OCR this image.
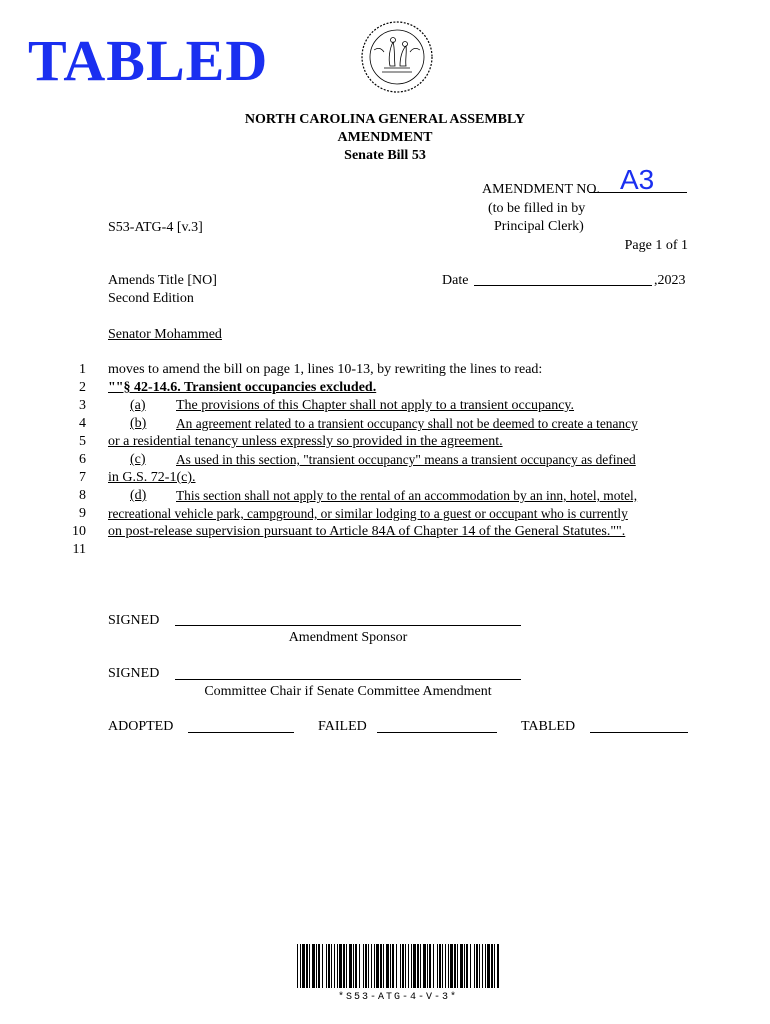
TABLED
NORTH CAROLINA GENERAL ASSEMBLY
AMENDMENT
Senate Bill 53
AMENDMENT NO. A3
(to be filled in by
Principal Clerk)
S53-ATG-4 [v.3]
Page 1 of 1
Amends Title [NO]
Second Edition
Date	,2023
Senator Mohammed
1 moves to amend the bill on page 1, lines 10-13, by rewriting the lines to read:
2 ""§ 42-14.6. Transient occupancies excluded.
3	(a) The provisions of this Chapter shall not apply to a transient occupancy.
4	(b) An agreement related to a transient occupancy shall not be deemed to create a tenancy
5 or a residential tenancy unless expressly so provided in the agreement.
6	(c) As used in this section, "transient occupancy" means a transient occupancy as defined
7 in G.S. 72-1(c).
8	(d) This section shall not apply to the rental of an accommodation by an inn, hotel, motel,
9 recreational vehicle park, campground, or similar lodging to a guest or occupant who is currently
10 on post-release supervision pursuant to Article 84A of Chapter 14 of the General Statutes."".
11
SIGNED
Amendment Sponsor
SIGNED
Committee Chair if Senate Committee Amendment
ADOPTED	FAILED	TABLED
*S53-ATG-4-V-3*
